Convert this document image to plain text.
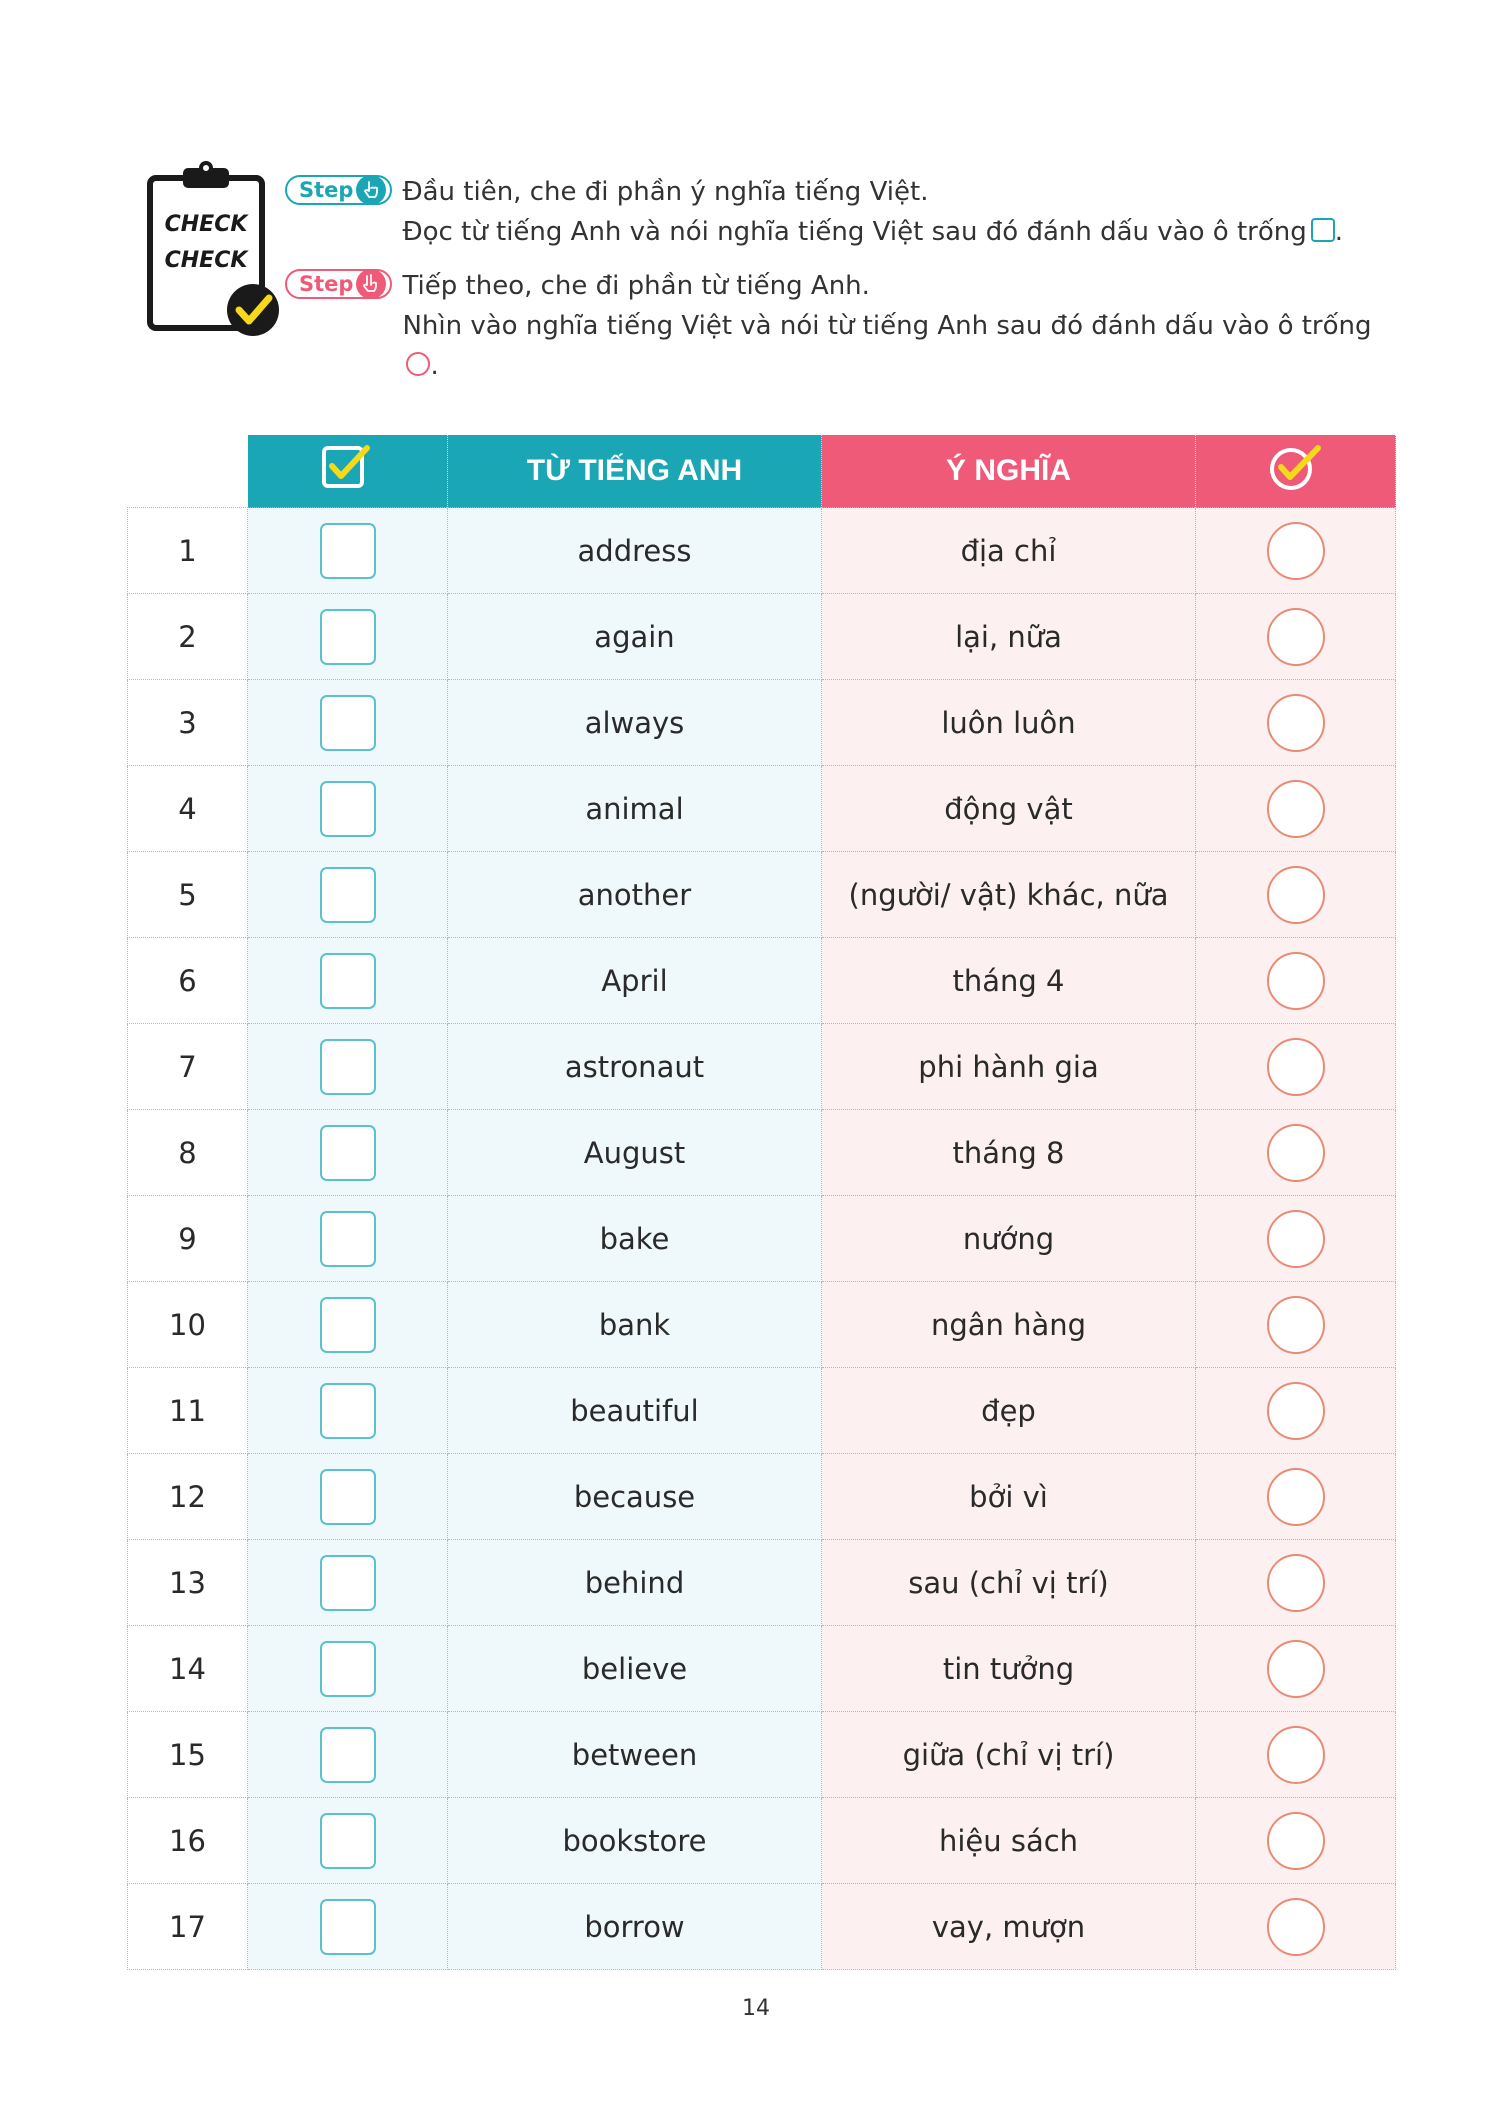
CHECK
CHECK
Step Đầu tiên, che đi phần ý nghĩa tiếng Việt.
Đọc từ tiếng Anh và nói nghĩa tiếng Việt sau đó đánh dấu vào ô trống .
Step Tiếp theo, che đi phần từ tiếng Anh.
Nhìn vào nghĩa tiếng Việt và nói từ tiếng Anh sau đó đánh dấu vào ô trống.
		TỪ TIẾNG ANH	Ý NGHĨA	
1		address	địa chỉ	
2		again	lại, nữa	
3		always	luôn luôn	
4		animal	động vật	
5		another	(người/ vật) khác, nữa	
6		April	tháng 4	
7		astronaut	phi hành gia	
8		August	tháng 8	
9		bake	nướng	
10		bank	ngân hàng	
11		beautiful	đẹp	
12		because	bởi vì	
13		behind	sau (chỉ vị trí)	
14		believe	tin tưởng	
15		between	giữa (chỉ vị trí)	
16		bookstore	hiệu sách	
17		borrow	vay, mượn	
14
